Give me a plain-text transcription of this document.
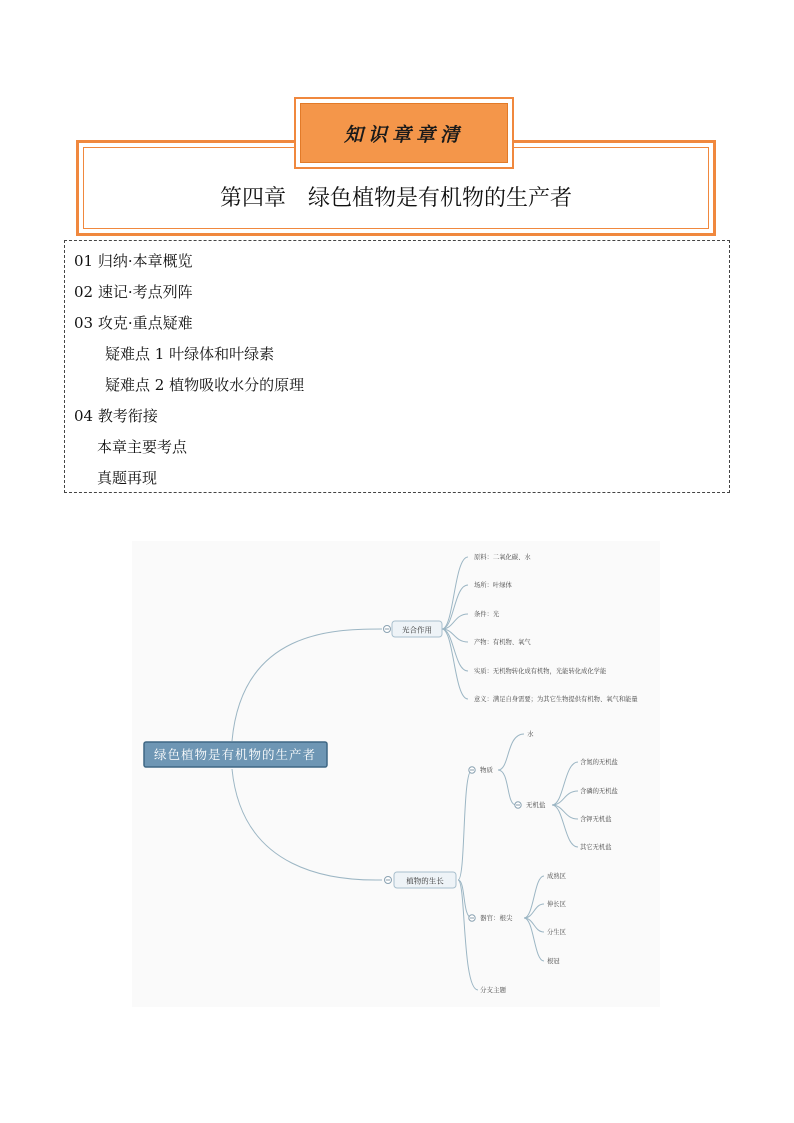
第四章　绿色植物是有机物的生产者
知识章章清
01 归纳·本章概览
02 速记·考点列阵
03 攻克·重点疑难
疑难点 1 叶绿体和叶绿素
疑难点 2 植物吸收水分的原理
04 教考衔接
本章主要考点
真题再现
绿色植物是有机物的生产者
光合作用
原料：二氧化碳、水
场所：叶绿体
条件：光
产物：有机物、氧气
实质：无机物转化成有机物，光能转化成化学能
意义：满足自身需要；为其它生物提供有机物、氧气和能量
植物的生长
物质
水
无机盐
含氮的无机盐
含磷的无机盐
含钾无机盐
其它无机盐
器官：根尖
成熟区
伸长区
分生区
根冠
分支主题
